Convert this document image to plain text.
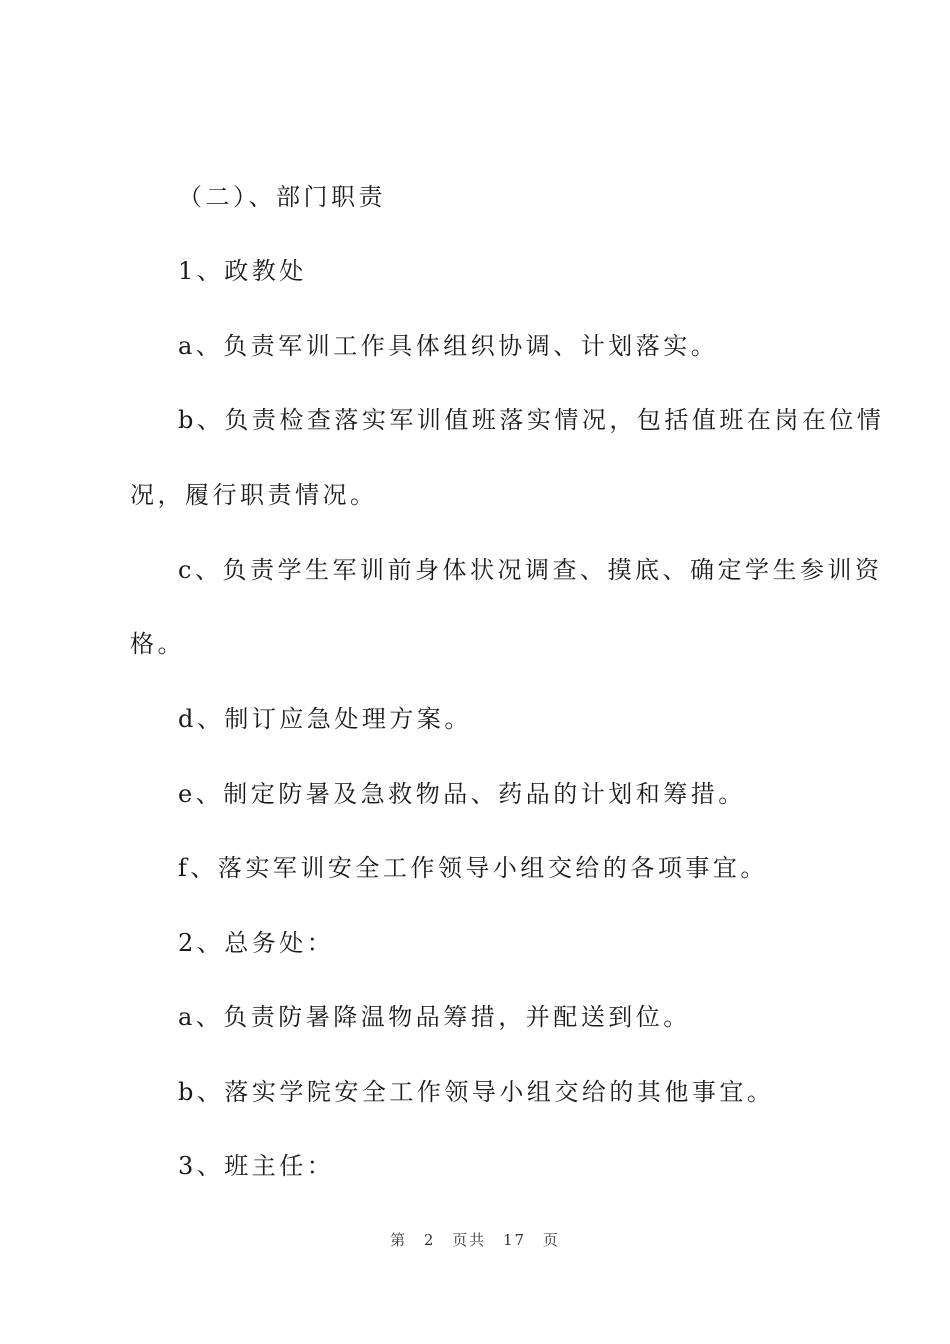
（二）、部门职责
1、政教处
a、负责军训工作具体组织协调、计划落实。
b、负责检查落实军训值班落实情况，包括值班在岗在位情
况，履行职责情况。
c、负责学生军训前身体状况调查、摸底、确定学生参训资
格。
d、制订应急处理方案。
e、制定防暑及急救物品、药品的计划和筹措。
f、落实军训安全工作领导小组交给的各项事宜。
2、总务处：
a、负责防暑降温物品筹措，并配送到位。
b、落实学院安全工作领导小组交给的其他事宜。
3、班主任：
第 2 页共 17 页
